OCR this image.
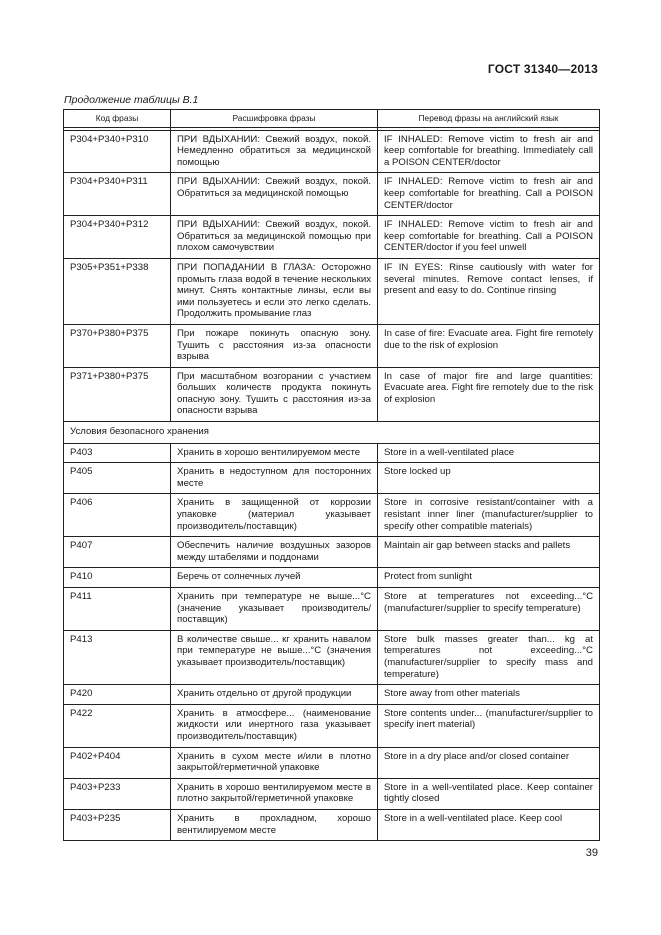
ГОСТ 31340—2013
Продолжение таблицы В.1
Код фразы	Расшифровка фразы	Перевод фразы на английский язык

P304+P340+P310	ПРИ ВДЫХАНИИ: Свежий воздух, покой. Немедленно обратиться за медицинской помощью	IF INHALED: Remove victim to fresh air and keep comfortable for breathing. Immediately call a POISON CENTER/doctor
P304+P340+P311	ПРИ ВДЫХАНИИ: Свежий воздух, покой. Обратиться за медицинской помощью	IF INHALED: Remove victim to fresh air and keep comfortable for breathing. Call a POISON CENTER/doctor
P304+P340+P312	ПРИ ВДЫХАНИИ: Свежий воздух, покой. Обратиться за медицинской помощью при плохом самочувствии	IF INHALED: Remove victim to fresh air and keep comfortable for breathing. Call a POISON CENTER/doctor if you feel unwell
P305+P351+P338	ПРИ ПОПАДАНИИ В ГЛАЗА: Осторожно промыть глаза водой в течение нескольких минут. Снять контактные линзы, если вы ими пользуетесь и если это легко сделать. Продолжить промывание глаз	IF IN EYES: Rinse cautiously with water for several minutes. Remove contact lenses, if present and easy to do. Continue rinsing
P370+P380+P375	При пожаре покинуть опасную зону. Тушить с расстояния из-за опасности взрыва	In case of fire: Evacuate area. Fight fire remotely due to the risk of explosion
P371+P380+P375	При масштабном возгорании с участием больших количеств продукта покинуть опасную зону. Тушить с расстояния из-за опасности взрыва	In case of major fire and large quantities: Evacuate area. Fight fire remotely due to the risk of explosion
Условия безопасного хранения		
P403	Хранить в хорошо вентилируемом месте	Store in a well-ventilated place
P405	Хранить в недоступном для посторонних месте	Store locked up
P406	Хранить в защищенной от коррозии упаковке (материал указывает производитель/поставщик)	Store in corrosive resistant/container with a resistant inner liner (manufacturer/supplier to specify other compatible materials)
P407	Обеспечить наличие воздушных зазоров между штабелями и поддонами	Maintain air gap between stacks and pallets
P410	Беречь от солнечных лучей	Protect from sunlight
P411	Хранить при температуре не выше...°С (значение указывает производитель/поставщик)	Store at temperatures not exceeding...°C (manufacturer/supplier to specify temperature)
P413	В количестве свыше... кг хранить навалом при температуре не выше...°С (значения указывает производитель/поставщик)	Store bulk masses greater than... kg at temperatures not exceeding...°C (manufacturer/supplier to specify mass and temperature)
P420	Хранить отдельно от другой продукции	Store away from other materials
P422	Хранить в атмосфере... (наименование жидкости или инертного газа указывает производитель/поставщик)	Store contents under... (manufacturer/supplier to specify inert material)
P402+P404	Хранить в сухом месте и/или в плотно закрытой/герметичной упаковке	Store in a dry place and/or closed container
P403+P233	Хранить в хорошо вентилируемом месте в плотно закрытой/герметичной упаковке	Store in a well-ventilated place. Keep container tightly closed
P403+P235	Хранить в прохладном, хорошо вентилируемом месте	Store in a well-ventilated place. Keep cool
39
